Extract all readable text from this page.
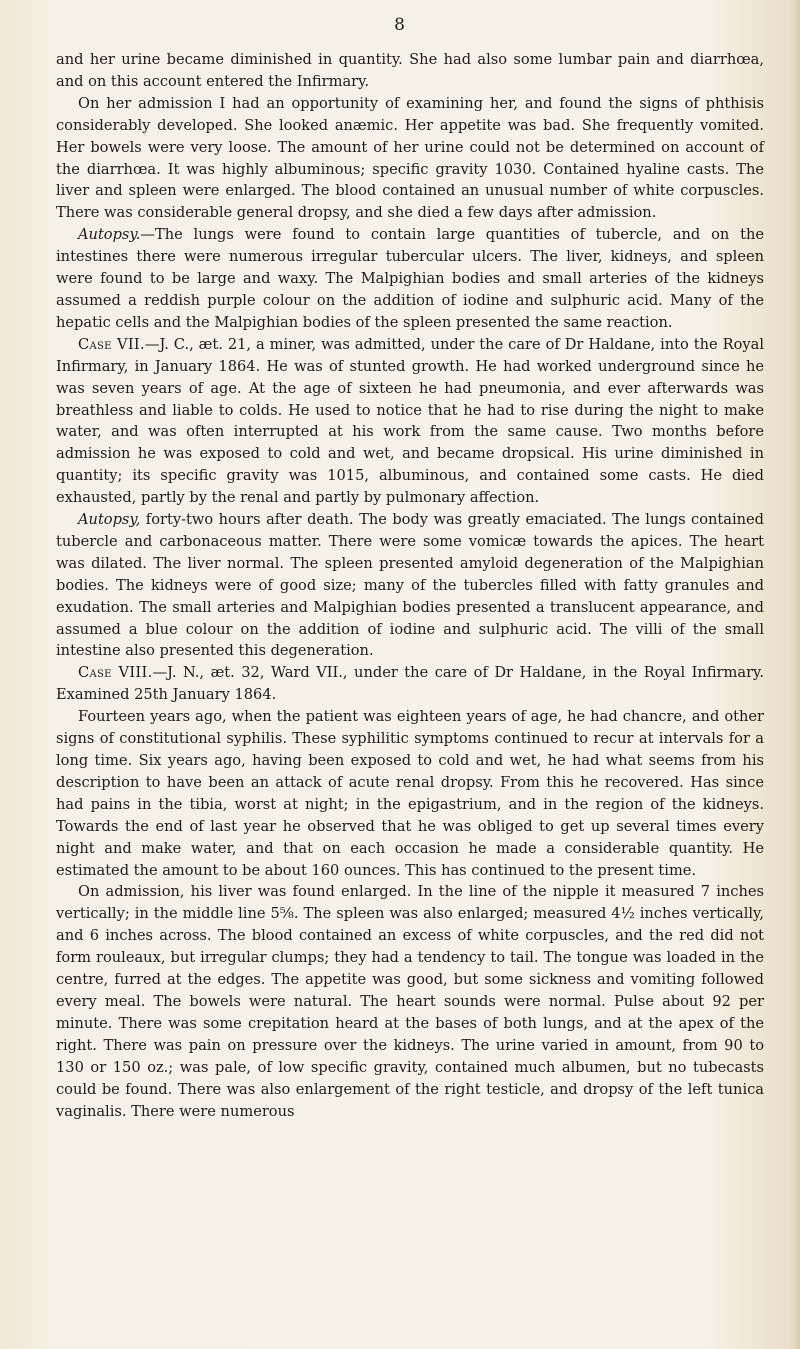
8

and her urine became diminished in quantity. She had also some lumbar pain and diarrhœa, and on this account entered the Infirmary.

On her admission I had an opportunity of examining her, and found the signs of phthisis considerably developed. She looked anæmic. Her appetite was bad. She frequently vomited. Her bowels were very loose. The amount of her urine could not be determined on account of the diarrhœa. It was highly albuminous; specific gravity 1030. Contained hyaline casts. The liver and spleen were enlarged. The blood contained an unusual number of white corpuscles. There was considerable general dropsy, and she died a few days after admission.

Autopsy.—The lungs were found to contain large quantities of tubercle, and on the intestines there were numerous irregular tubercular ulcers. The liver, kidneys, and spleen were found to be large and waxy. The Malpighian bodies and small arteries of the kidneys assumed a reddish purple colour on the addition of iodine and sulphuric acid. Many of the hepatic cells and the Malpighian bodies of the spleen presented the same reaction.

Case VII.—J. C., æt. 21, a miner, was admitted, under the care of Dr Haldane, into the Royal Infirmary, in January 1864. He was of stunted growth. He had worked underground since he was seven years of age. At the age of sixteen he had pneumonia, and ever afterwards was breathless and liable to colds. He used to notice that he had to rise during the night to make water, and was often interrupted at his work from the same cause. Two months before admission he was exposed to cold and wet, and became dropsical. His urine diminished in quantity; its specific gravity was 1015, albuminous, and contained some casts. He died exhausted, partly by the renal and partly by pulmonary affection.

Autopsy, forty-two hours after death. The body was greatly emaciated. The lungs contained tubercle and carbonaceous matter. There were some vomicæ towards the apices. The heart was dilated. The liver normal. The spleen presented amyloid degeneration of the Malpighian bodies. The kidneys were of good size; many of the tubercles filled with fatty granules and exudation. The small arteries and Malpighian bodies presented a translucent appearance, and assumed a blue colour on the addition of iodine and sulphuric acid. The villi of the small intestine also presented this degeneration.

Case VIII.—J. N., æt. 32, Ward VII., under the care of Dr Haldane, in the Royal Infirmary. Examined 25th January 1864.

Fourteen years ago, when the patient was eighteen years of age, he had chancre, and other signs of constitutional syphilis. These syphilitic symptoms continued to recur at intervals for a long time. Six years ago, having been exposed to cold and wet, he had what seems from his description to have been an attack of acute renal dropsy. From this he recovered. Has since had pains in the tibia, worst at night; in the epigastrium, and in the region of the kidneys. Towards the end of last year he observed that he was obliged to get up several times every night and make water, and that on each occasion he made a considerable quantity. He estimated the amount to be about 160 ounces. This has continued to the present time.

On admission, his liver was found enlarged. In the line of the nipple it measured 7 inches vertically; in the middle line 5⅝. The spleen was also enlarged; measured 4½ inches vertically, and 6 inches across. The blood contained an excess of white corpuscles, and the red did not form rouleaux, but irregular clumps; they had a tendency to tail. The tongue was loaded in the centre, furred at the edges. The appetite was good, but some sickness and vomiting followed every meal. The bowels were natural. The heart sounds were normal. Pulse about 92 per minute. There was some crepitation heard at the bases of both lungs, and at the apex of the right. There was pain on pressure over the kidneys. The urine varied in amount, from 90 to 130 or 150 oz.; was pale, of low specific gravity, contained much albumen, but no tubecasts could be found. There was also enlargement of the right testicle, and dropsy of the left tunica vaginalis. There were numerous
